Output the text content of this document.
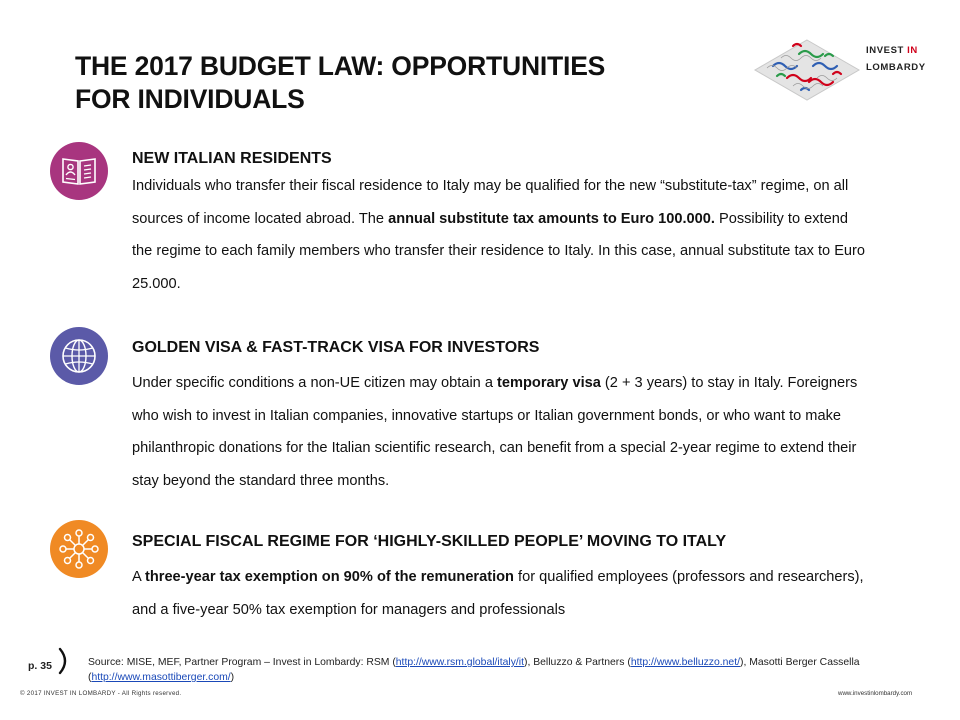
THE 2017 BUDGET LAW: OPPORTUNITIES
FOR INDIVIDUALS
INVEST IN
LOMBARDY
NEW ITALIAN RESIDENTS
Individuals who transfer their fiscal residence to Italy may be qualified for the new “substitute-tax” regime, on all sources of income located abroad. The annual substitute tax amounts to Euro 100.000. Possibility to extend the regime to each family members who transfer their residence to Italy. In this case, annual substitute tax to Euro 25.000.
GOLDEN VISA & FAST-TRACK VISA FOR INVESTORS
Under specific conditions a non-UE citizen may obtain a temporary visa (2 + 3 years) to stay in Italy. Foreigners who wish to invest in Italian companies, innovative startups or Italian government bonds, or who want to make philanthropic donations for the Italian scientific research, can benefit from a special 2-year regime to extend their stay beyond the standard three months.
SPECIAL FISCAL REGIME FOR ‘HIGHLY-SKILLED PEOPLE’ MOVING TO ITALY
A three-year tax exemption on 90% of the remuneration for qualified employees (professors and researchers), and a five-year 50% tax exemption for managers and professionals
p. 35	Source: MISE, MEF, Partner Program – Invest in Lombardy: RSM (http://www.rsm.global/italy/it), Belluzzo & Partners (http://www.belluzzo.net/), Masotti Berger Cassella (http://www.masottiberger.com/)
© 2017 INVEST IN LOMBARDY - All Rights reserved.	www.investinlombardy.com
